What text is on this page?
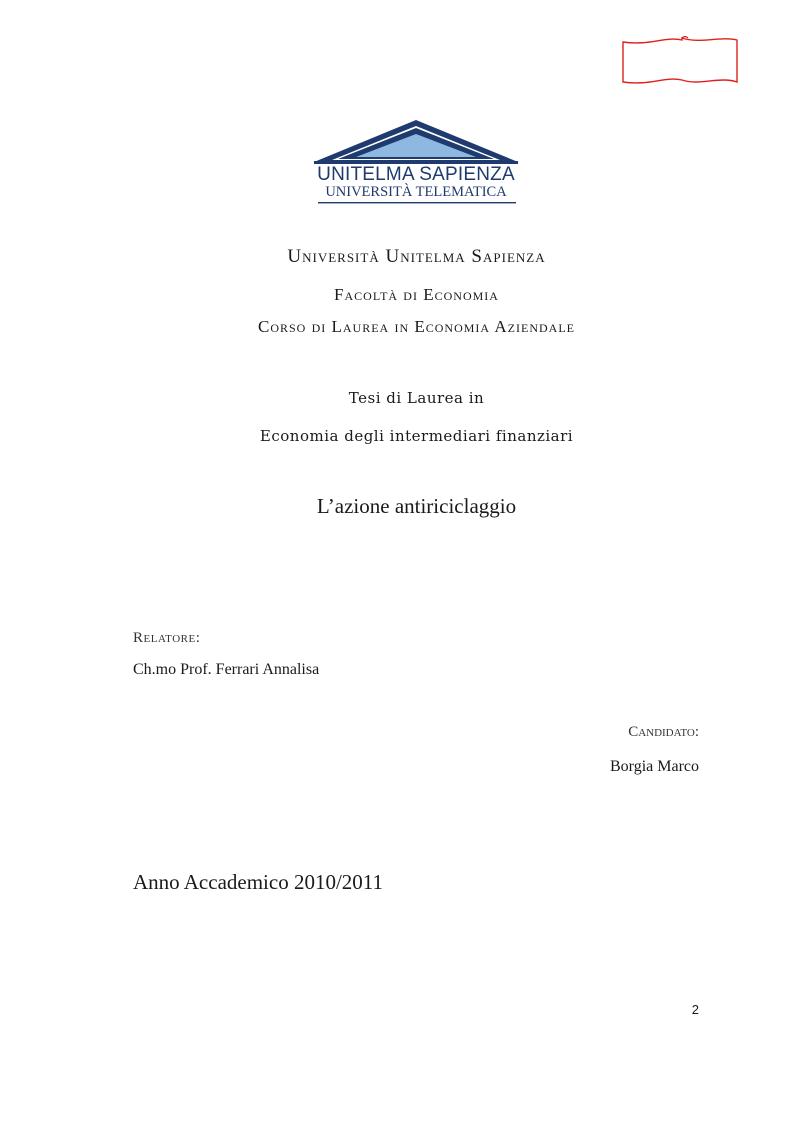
UNITELMA SAPIENZA
UNIVERSITÀ TELEMATICA
Università Unitelma Sapienza
Facoltà di Economia
Corso di Laurea in Economia Aziendale
Tesi di Laurea in
Economia degli intermediari finanziari
L’azione antiriciclaggio
Relatore:
Ch.mo Prof. Ferrari Annalisa
Candidato:
Borgia Marco
Anno Accademico 2010/2011
2
